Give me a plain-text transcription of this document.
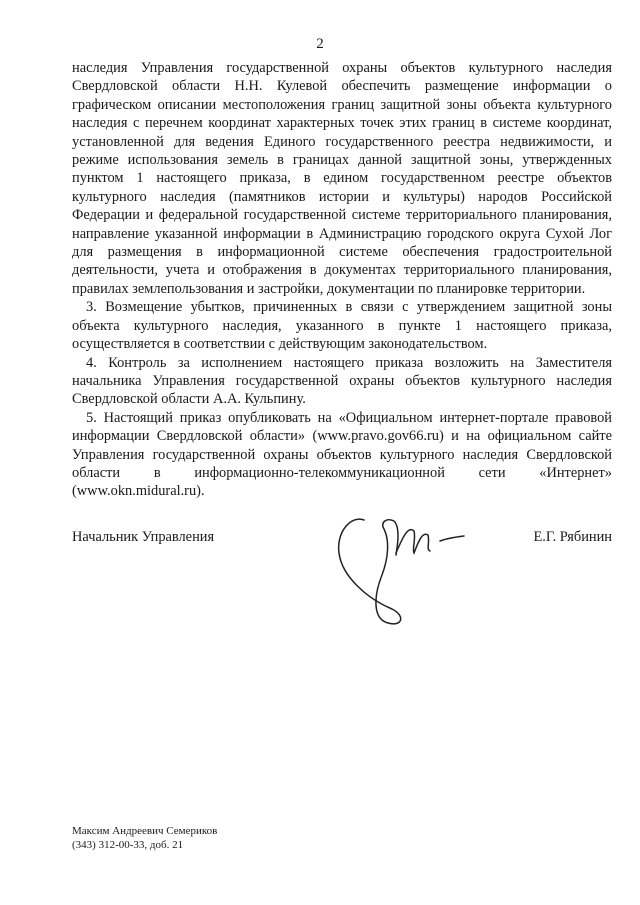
2

наследия Управления государственной охраны объектов культурного наследия Свердловской области Н.Н. Кулевой обеспечить размещение информации о графическом описании местоположения границ защитной зоны объекта культурного наследия с перечнем координат характерных точек этих границ в системе координат, установленной для ведения Единого государственного реестра недвижимости, и режиме использования земель в границах данной защитной зоны, утвержденных пунктом 1 настоящего приказа, в едином государственном реестре объектов культурного наследия (памятников истории и культуры) народов Российской Федерации и федеральной государственной системе территориального планирования, направление указанной информации в Администрацию городского округа Сухой Лог для размещения в информационной системе обеспечения градостроительной деятельности, учета и отображения в документах территориального планирования, правилах землепользования и застройки, документации по планировке территории.

3. Возмещение убытков, причиненных в связи с утверждением защитной зоны объекта культурного наследия, указанного в пункте 1 настоящего приказа, осуществляется в соответствии с действующим законодательством.

4. Контроль за исполнением настоящего приказа возложить на Заместителя начальника Управления государственной охраны объектов культурного наследия Свердловской области А.А. Кульпину.

5. Настоящий приказ опубликовать на «Официальном интернет-портале правовой информации Свердловской области» (www.pravo.gov66.ru) и на официальном сайте Управления государственной охраны объектов культурного наследия Свердловской области в информационно-телекоммуникационной сети «Интернет» (www.okn.midural.ru).

Начальник Управления	Е.Г. Рябинин
Максим Андреевич Семериков
(343) 312-00-33, доб. 21
